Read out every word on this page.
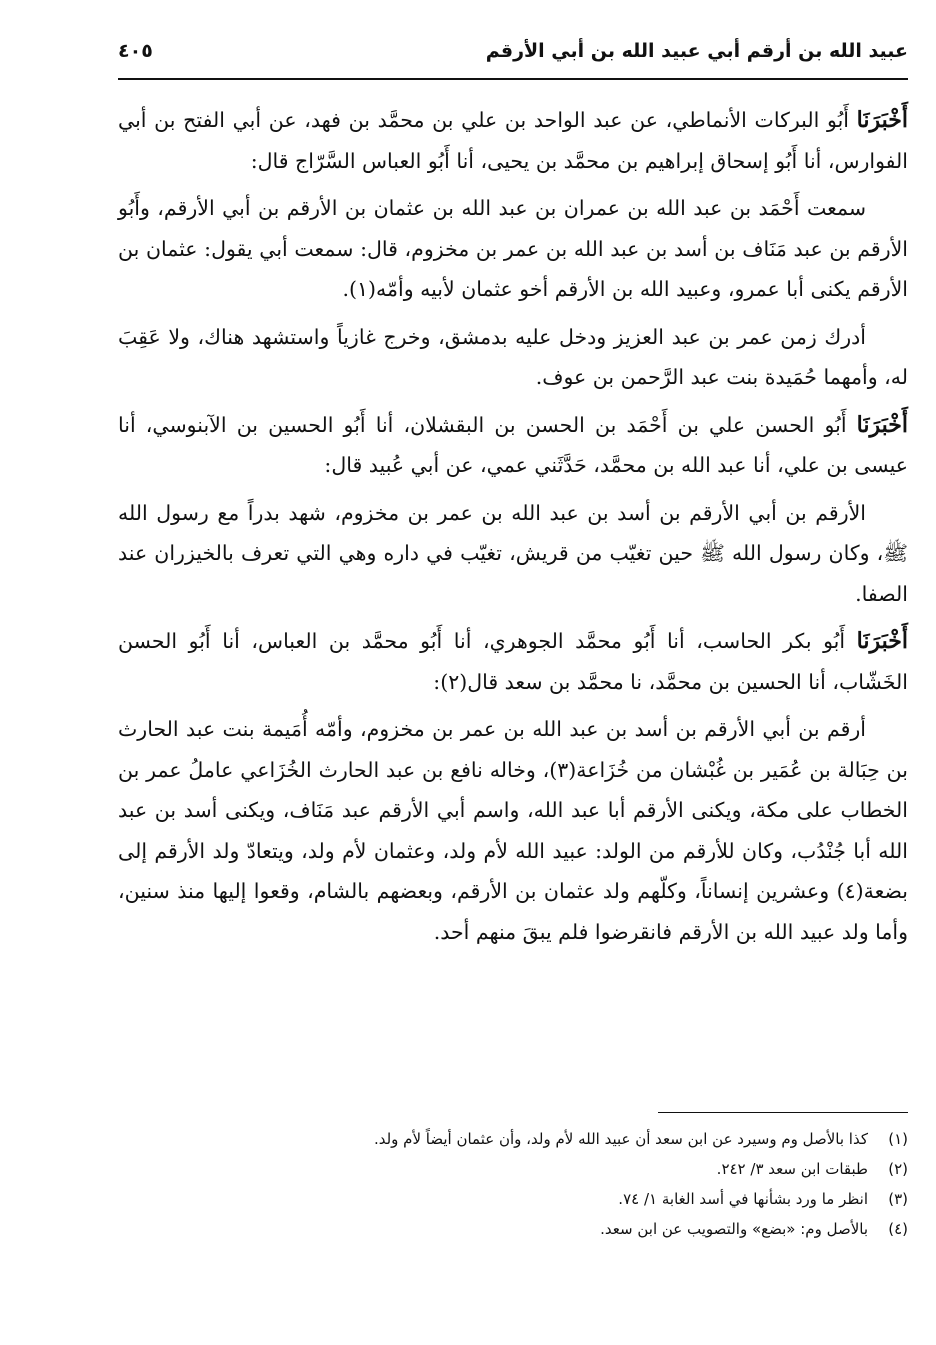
عبيد الله بن أرقم أبي عبيد الله بن أبي الأرقم
٤٠٥

أَخْبَرَنَا أَبُو البركات الأنماطي، عن عبد الواحد بن علي بن محمَّد بن فهد، عن أبي الفتح بن أبي الفوارس، أنا أَبُو إسحاق إبراهيم بن محمَّد بن يحيى، أنا أَبُو العباس السَّرّاج قال:

سمعت أَحْمَد بن عبد الله بن عمران بن عبد الله بن عثمان بن الأرقم بن أبي الأرقم، وأَبُو الأرقم بن عبد مَنَاف بن أسد بن عبد الله بن عمر بن مخزوم، قال: سمعت أبي يقول: عثمان بن الأرقم يكنى أبا عمرو، وعبيد الله بن الأرقم أخو عثمان لأبيه وأمّه(١).

أدرك زمن عمر بن عبد العزيز ودخل عليه بدمشق، وخرج غازياً واستشهد هناك، ولا عَقِبَ له، وأمهما حُمَيدة بنت عبد الرَّحمن بن عوف.

أَخْبَرَنَا أَبُو الحسن علي بن أَحْمَد بن الحسن بن البقشلان، أنا أَبُو الحسين بن الآبنوسي، أنا عيسى بن علي، أنا عبد الله بن محمَّد، حَدَّثَني عمي، عن أبي عُبيد قال:

الأرقم بن أبي الأرقم بن أسد بن عبد الله بن عمر بن مخزوم، شهد بدراً مع رسول الله ﷺ، وكان رسول الله ﷺ حين تغيّب من قريش، تغيّب في داره وهي التي تعرف بالخيزران عند الصفا.

أَخْبَرَنَا أَبُو بكر الحاسب، أنا أَبُو محمَّد الجوهري، أنا أَبُو محمَّد بن العباس، أنا أَبُو الحسن الخَشّاب، أنا الحسين بن محمَّد، نا محمَّد بن سعد قال(٢):

أرقم بن أبي الأرقم بن أسد بن عبد الله بن عمر بن مخزوم، وأمّه أُمَيمة بنت عبد الحارث بن حِبَالة بن عُمَير بن غُبْشان من خُزَاعة(٣)، وخاله نافع بن عبد الحارث الخُزَاعي عاملُ عمر بن الخطاب على مكة، ويكنى الأرقم أبا عبد الله، واسم أبي الأرقم عبد مَنَاف، ويكنى أسد بن عبد الله أبا جُنْدُب، وكان للأرقم من الولد: عبيد الله لأم ولد، وعثمان لأم ولد، ويتعادّ ولد الأرقم إلى بضعة(٤) وعشرين إنساناً، وكلّهم ولد عثمان بن الأرقم، وبعضهم بالشام، وقعوا إليها منذ سنين، وأما ولد عبيد الله بن الأرقم فانقرضوا فلم يبقَ منهم أحد.

(١)
كذا بالأصل وم وسيرد عن ابن سعد أن عبيد الله لأم ولد، وأن عثمان أيضاً لأم ولد.
(٢)
طبقات ابن سعد ٣/ ٢٤٢.
(٣)
انظر ما ورد بشأنها في أسد الغابة ١/ ٧٤.
(٤)
بالأصل وم: «بضع» والتصويب عن ابن سعد.
